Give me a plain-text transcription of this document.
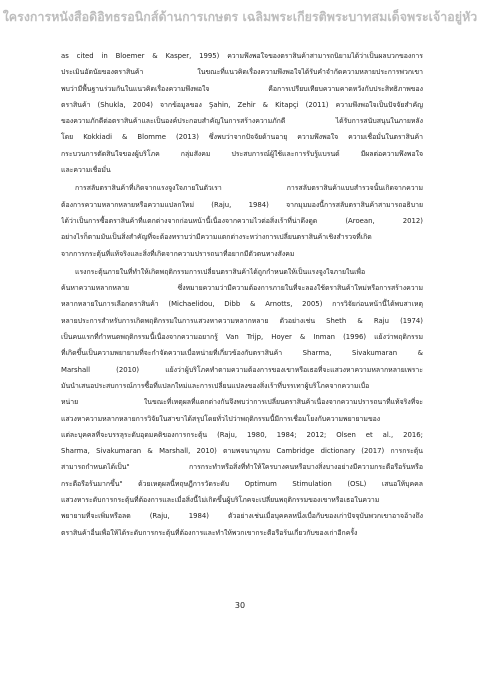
ใครงการหนังสือดิอิทธรอนิกส์ด้านการเกษตร เฉลิมพระเกียรติพระบาทสมเด็จพระเจ้าอยู่หัว
as cited in Bloemer & Kasper, 1995) ความพึงพอใจของตราสินค้าสามารถนิยามได้ว่าเป็นผลบวกของการ
ประเมินอัตนัยของตราสินค้า ในขณะที่แนวคิดเรื่องความพึงพอใจได้รับคำจำกัดความหลายประการพวกเขา
พบว่ามีพื้นฐานร่วมกันในแนวคิดเรื่องความพึงพอใจ คือการเปรียบเทียบความคาดหวังกับประสิทธิภาพของ
ตราสินค้า (Shukla, 2004) จากข้อมูลของ Şahin, Zehir & Kitapçi (2011) ความพึงพอใจเป็นปัจจัยสำคัญ
ของความภักดีต่อตราสินค้าและเป็นองค์ประกอบสำคัญในการสร้างความภักดี ได้รับการสนับสนุนในภายหลัง
โดย Kokkiadi & Blomme (2013) ซึ่งพบว่าจากปัจจัยด้านอายุ ความพึงพอใจ ความเชื่อมั่นในตราสินค้า
กระบวนการตัดสินใจของผู้บริโภค กลุ่มสังคม ประสบการณ์ผู้ใช้และการรับรู้แบรนด์ มีผลต่อความพึงพอใจ
และความเชื่อมั่น
การสลับตราสินค้าที่เกิดจากแรงจูงใจภายในตัวเรา การสลับตราสินค้าแบบสำรวจนั้นเกิดจากความ
ต้องการความหลากหลายหรือความแปลกใหม่ (Raju, 1984) จากมุมมองนี้การสลับตราสินค้าสามารถอธิบาย
ได้ว่าเป็นการซื้อตราสินค้าที่แตกต่างจากก่อนหน้านี้เนื่องจากความไวต่อสิ่งเร้าที่น่าดึงดูด (Aroean, 2012)
อย่างไรก็ตามมันเป็นสิ่งสำคัญที่จะต้องทราบว่ามีความแตกต่างระหว่างการเปลี่ยนตราสินค้าเชิงสำรวจที่เกิด
จากการกระตุ้นที่แท้จริงและสิ่งที่เกิดจากความปรารถนาที่อยากมีตัวตนทางสังคม
แรงกระตุ้นภายในที่ทำให้เกิดพฤติกรรมการเปลี่ยนตราสินค้าได้ถูกกำหนดให้เป็นแรงจูงใจภายในเพื่อ
ค้นหาความหลากหลาย ซึ่งหมายความว่ามีความต้องการภายในที่จะลองใช้ตราสินค้าใหม่หรือการสร้างความ
หลากหลายในการเลือกตราสินค้า (Michaelidou, Dibb & Arnotts, 2005) การวิจัยก่อนหน้านี้ได้พบสาเหตุ
หลายประการสำหรับการเกิดพฤติกรรมในการแสวงหาความหลากหลาย ตัวอย่างเช่น Sheth & Raju (1974)
เป็นคนแรกที่กำหนดพฤติกรรมนี้เนื่องจากความอยากรู้ Van Trijp, Hoyer & Inman (1996) แย้งว่าพฤติกรรม
ที่เกิดขึ้นเป็นความพยายามที่จะกำจัดความเบื่อหน่ายที่เกี่ยวข้องกับตราสินค้า Sharma, Sivakumaran &
Marshall (2010) แย้งว่าผู้บริโภคทำตามความต้องการของเขาหรือเธอที่จะแสวงหาความหลากหลายเพราะ
มันนำเสนอประสบการณ์การซื้อที่แปลกใหม่และการเปลี่ยนแปลงของสิ่งเร้าที่บรรเทาผู้บริโภคจากความเบื่อ
หน่าย ในขณะที่เหตุผลที่แตกต่างกันจึงพบว่าการเปลี่ยนตราสินค้าเนื่องจากความปรารถนาที่แท้จริงที่จะ
แสวงหาความหลากหลายการวิจัยในสาขาได้สรุปโดยทั่วไปว่าพฤติกรรมนี้มีการเชื่อมโยงกับความพยายามของ
แต่ละบุคคลที่จะบรรลุระดับอุดมคติของการกระตุ้น (Raju, 1980, 1984; 2012; Olsen et al., 2016;
Sharma, Sivakumaran & Marshall, 2010) ตามพจนานุกรม Cambridge dictionary (2017) การกระตุ้น
สามารถกำหนดได้เป็น" การกระทำหรือสิ่งที่ทำให้ใครบางคนหรือบางสิ่งบางอย่างมีความกระตือรือร้นหรือ
กระตือรือร้นมากขึ้น" ด้วยเหตุผลนี้ทฤษฎีการวัดระดับ Optimum Stimulation (OSL) เสนอให้บุคคล
แสวงหาระดับการกระตุ้นที่ต้องการและเมื่อสิ่งนี้ไม่เกิดขึ้นผู้บริโภคจะเปลี่ยนพฤติกรรมของเขาหรือเธอในความ
พยายามที่จะเพิ่มหรือลด (Raju, 1984) ตัวอย่างเช่นเมื่อบุคคลหนึ่งเบื่อกับของเก่าปัจจุบันพวกเขาอาจอ้างถึง
ตราสินค้าอื่นเพื่อให้ได้ระดับการกระตุ้นที่ต้องการและทำให้พวกเขากระตือรือร้นเกี่ยวกับของเก่าอีกครั้ง
30
